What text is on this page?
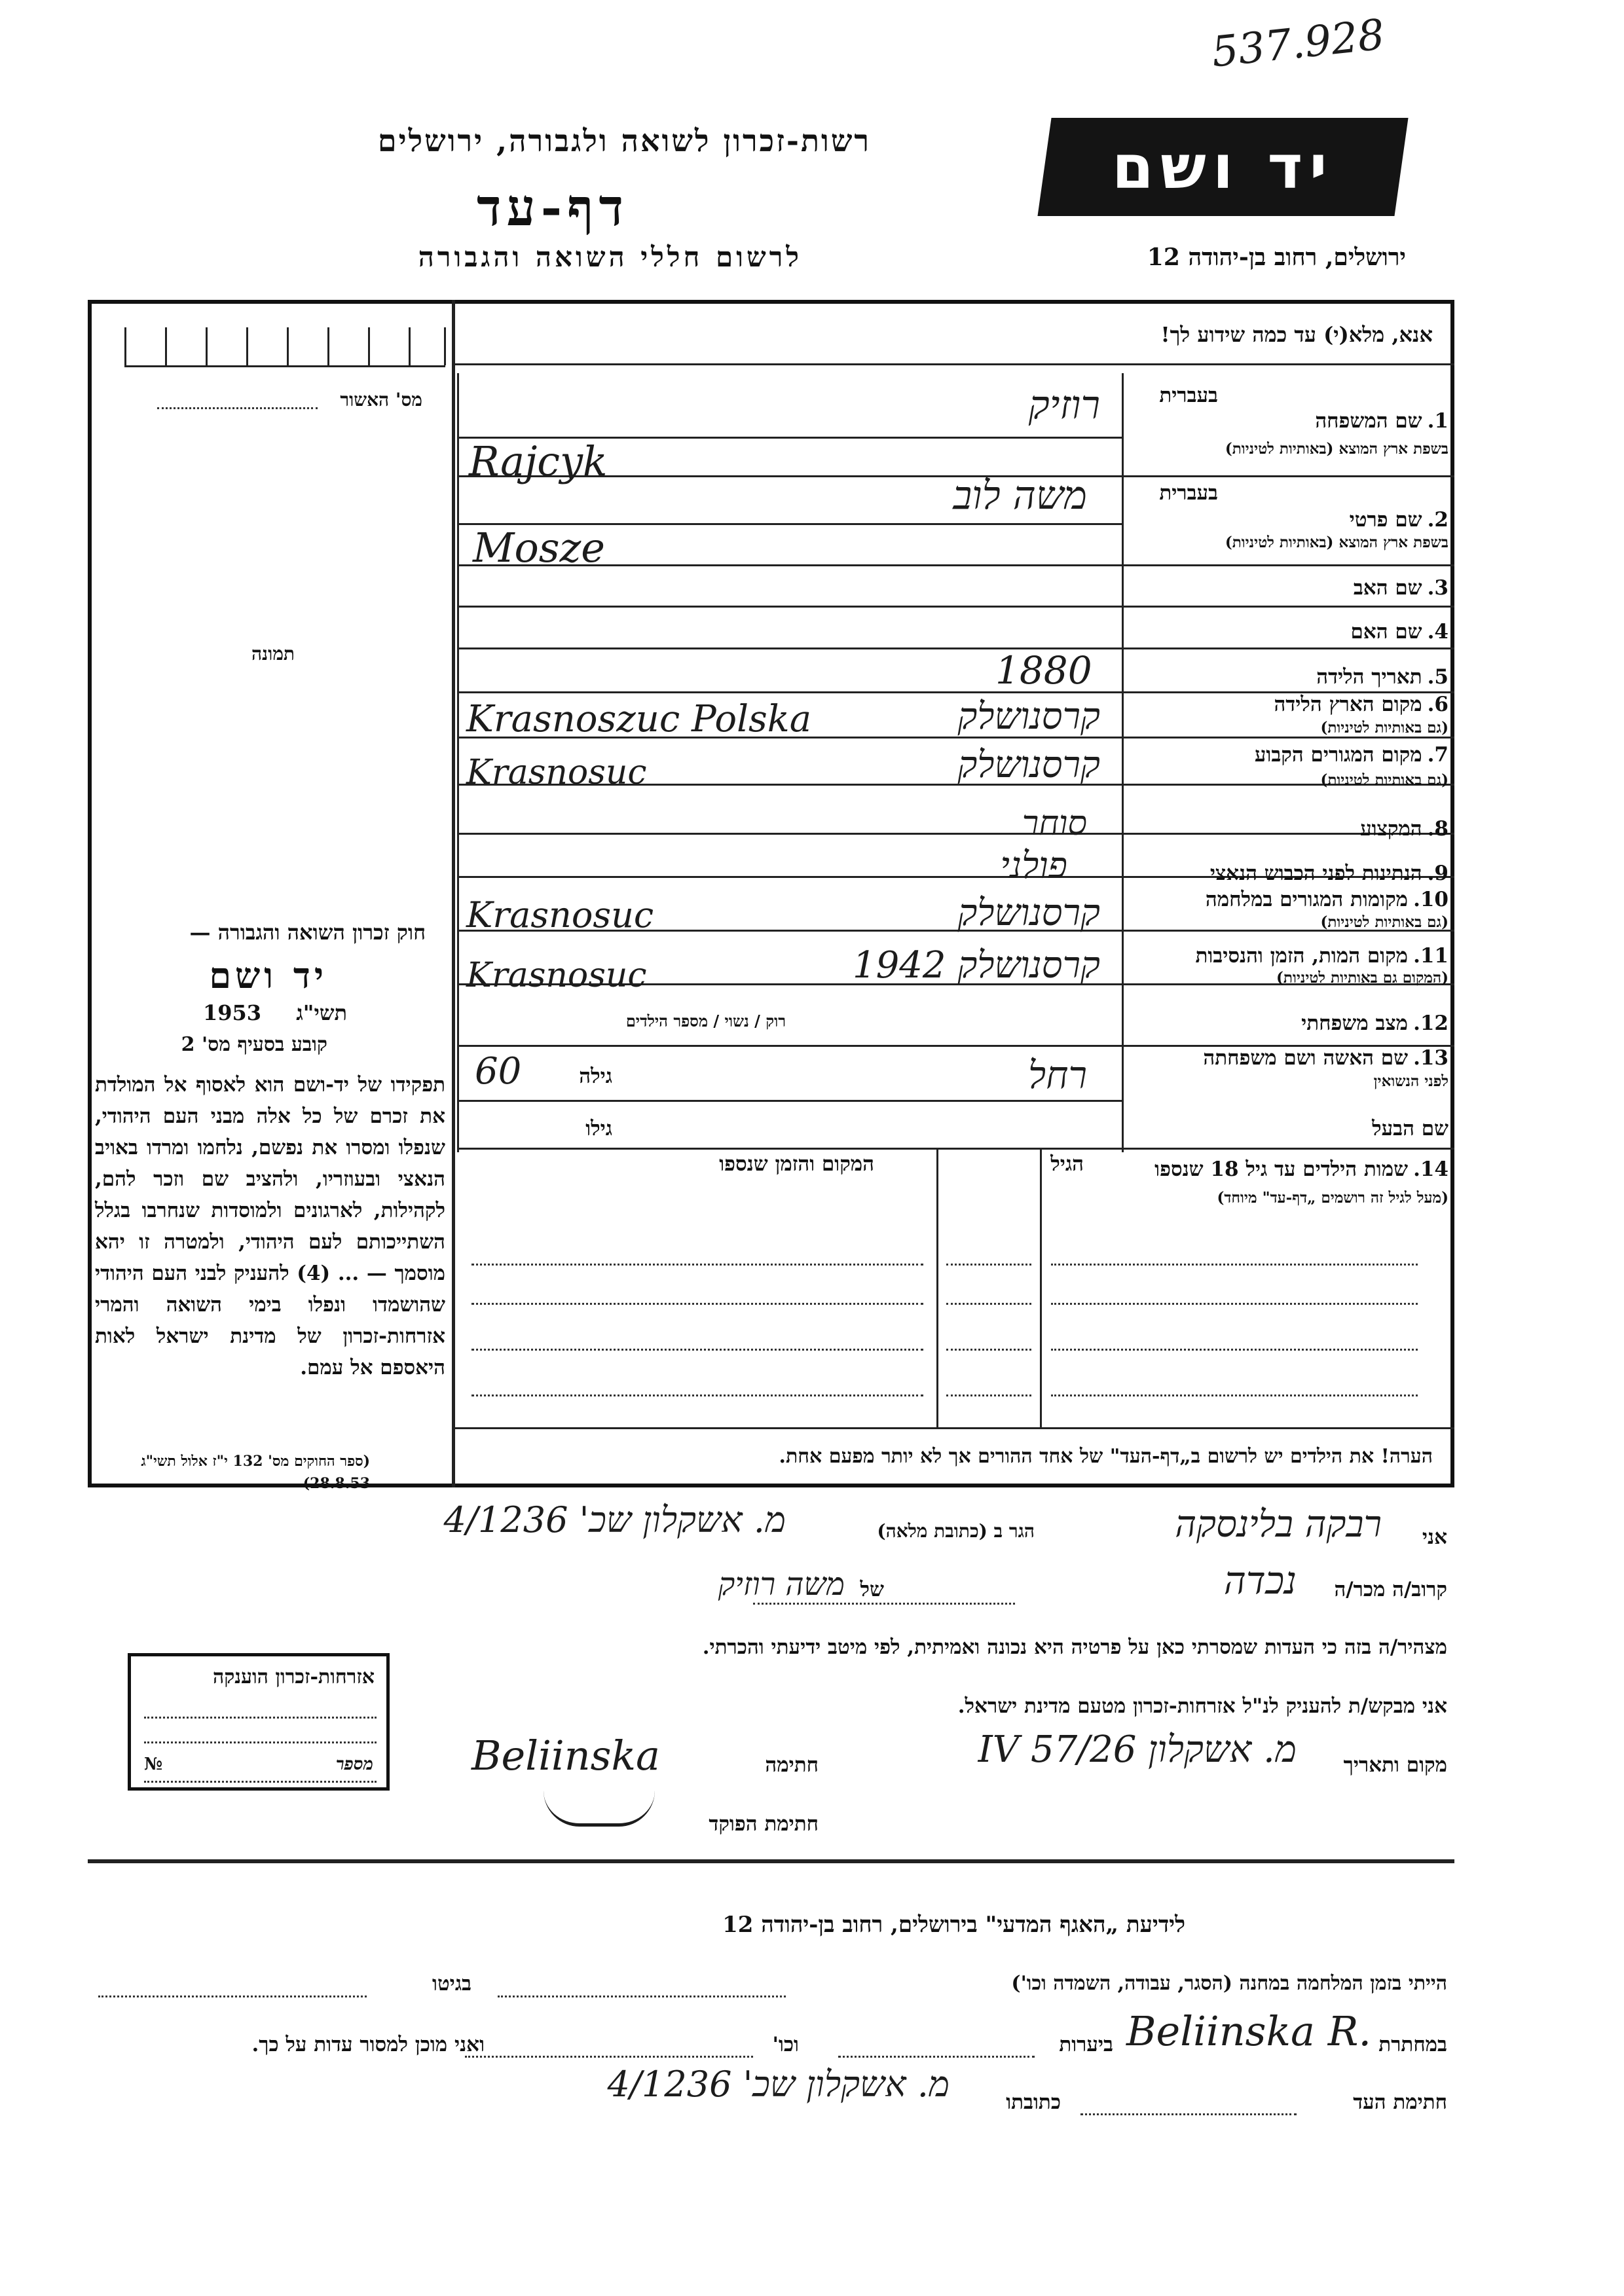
537.928
רשות-זכרון לשואה ולגבורה, ירושלים
דף-עד
לרשום חללי השואה והגבורה
יד ושם
ירושלים, רחוב בן-יהודה 12
אנא, מלא(י) עד כמה שידוע לך!
מס' האשור
תמונה
בעברית
1.שם המשפחה
בשפת ארץ המוצא (באותיות לטיניות)
רוזיק
Rajcyk
בעברית
2.שם פרטי
בשפת ארץ המוצא (באותיות לטיניות)
משה לוב
Mosze
3.שם האב
4.שם האם
5.תאריך הלידה
1880
6.מקום הארץ הלידה
(גם באותיות לטיניות)
קרסנושלק
Krasnoszuc Polska
7.מקום המגורים הקבוע
(גם באותיות לטיניות)
קרסנושלק
Krasnosuc
8.המקצוע
סוחר
9.הנתינות לפני הכבוש הנאצי
פולני
10.מקומות המגורים במלחמה
(גם באותיות לטיניות)
קרסנושלק
Krasnosuc
11.מקום המות, הזמן והנסיבות
(המקום גם באותיות לטיניות)
קרסנושלק 1942
Krasnosuc
רוק / נשוי / מספר הילדים	12.מצב משפחתי
13.שם האשה ושם משפחתה
לפני הנשואין
רחל
גילה
60
שם הבעל
גילו
14.שמות הילדים עד גיל 18 שנספו
(מעל לגיל זה רושמים „דף-עד" מיוחד)
הגיל
המקום והזמן שנספו
הערה! את הילדים יש לרשום ב„דף-העד" של אחד ההורים אך לא יותר מפעם אחת.
חוק זכרון השואה והגבורה —
יד ושם
תשי"ג
1953
קובע בסעיף מס' 2
תפקידו של יד-ושם הוא לאסוף אל המולדת את זכרם של כל אלה מבני העם היהודי, שנפלו ומסרו את נפשם, נלחמו ומרדו באויב הנאצי ובעוזריו, ולהציב שם וזכר להם, לקהילות, לארגונים ולמוסדות שנחרבו בגלל השתייכותם לעם היהודי, ולמטרה זו יהא מוסמך — ... (4) להעניק לבני העם היהודי שהושמדו ונפלו בימי השואה והמרי אזרחות-זכרון של מדינת ישראל לאות היאספם אל עמם.
(ספר החוקים מס' 132 י"ז אלול תשי"ג 28.8.53)
אני
רבקה בלינסקה
הגר ב (כתובת מלאה)
מ. אשקלון שכ' 4/1236
קרוב/ה מכר/ה
נכדה
של
משה רוזיק
מצהיר/ה בזה כי העדות שמסרתי כאן על פרטיה היא נכונה ואמיתית, לפי מיטב ידיעתי והכרתי.
אני מבקש/ת להעניק לנ"ל אזרחות-זכרון מטעם מדינת ישראל.
מקום ותאריך
מ. אשקלון 26/IV 57
חתימה
Beliinska
חתימת הפוקד
אזרחות-זכרון הוענקה
מספר
№
לידיעת „האגף המדעי" בירושלים, רחוב בן-יהודה 12
הייתי בזמן המלחמה במחנה (הסגר, עבודה, השמדה וכו')
בגיטו
במחתרת
Beliinska R.
ביערות
וכו'
ואני מוכן למסור עדות על כך.
חתימת העד
כתובתו
מ. אשקלון שכ' 4/1236
